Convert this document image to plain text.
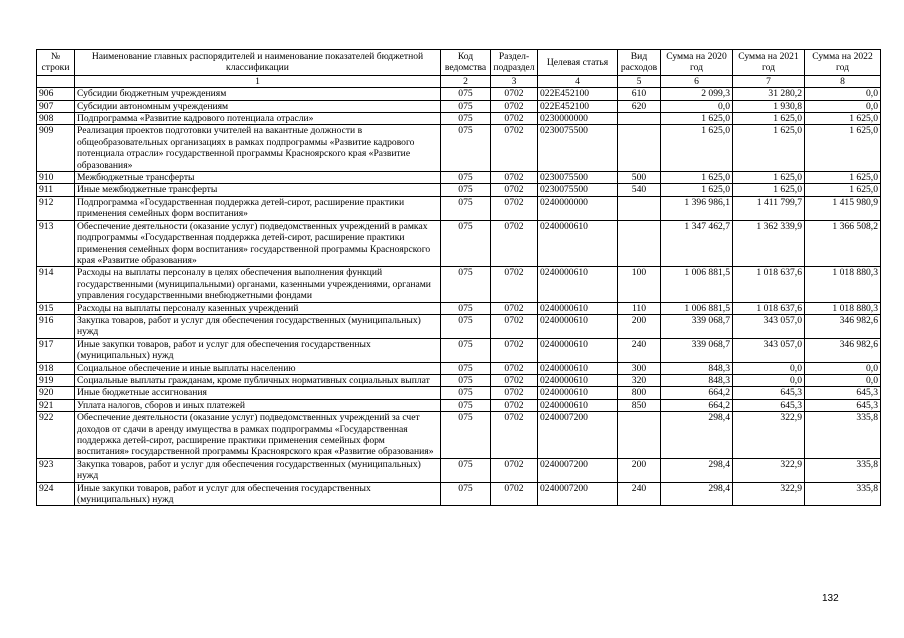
№ строки	Наименование главных распорядителей и наименование показателей бюджетной классификации	Код ведомства	Раздел-подраздел	Целевая статья	Вид расходов	Сумма на 2020 год	Сумма на 2021 год	Сумма на 2022 год
	1	2	3	4	5	6	7	8
906	Субсидии бюджетным учреждениям	075	0702	022E452100	610	2 099,3	31 280,2	0,0
907	Субсидии автономным учреждениям	075	0702	022E452100	620	0,0	1 930,8	0,0
908	Подпрограмма «Развитие кадрового потенциала отрасли»	075	0702	0230000000		1 625,0	1 625,0	1 625,0
909	Реализация проектов подготовки учителей на вакантные должности в общеобразовательных организациях в рамках подпрограммы «Развитие кадрового потенциала отрасли» государственной программы Красноярского края «Развитие образования»	075	0702	0230075500		1 625,0	1 625,0	1 625,0
910	Межбюджетные трансферты	075	0702	0230075500	500	1 625,0	1 625,0	1 625,0
911	Иные межбюджетные трансферты	075	0702	0230075500	540	1 625,0	1 625,0	1 625,0
912	Подпрограмма «Государственная поддержка детей-сирот, расширение практики применения семейных форм воспитания»	075	0702	0240000000		1 396 986,1	1 411 799,7	1 415 980,9
913	Обеспечение деятельности (оказание услуг) подведомственных учреждений в рамках подпрограммы «Государственная поддержка детей-сирот, расширение практики применения семейных форм воспитания» государственной программы Красноярского края «Развитие образования»	075	0702	0240000610		1 347 462,7	1 362 339,9	1 366 508,2
914	Расходы на выплаты персоналу в целях обеспечения выполнения функций государственными (муниципальными) органами, казенными учреждениями, органами управления государственными внебюджетными фондами	075	0702	0240000610	100	1 006 881,5	1 018 637,6	1 018 880,3
915	Расходы на выплаты персоналу казенных учреждений	075	0702	0240000610	110	1 006 881,5	1 018 637,6	1 018 880,3
916	Закупка товаров, работ и услуг для обеспечения государственных (муниципальных) нужд	075	0702	0240000610	200	339 068,7	343 057,0	346 982,6
917	Иные закупки товаров, работ и услуг для обеспечения государственных (муниципальных) нужд	075	0702	0240000610	240	339 068,7	343 057,0	346 982,6
918	Социальное обеспечение и иные выплаты населению	075	0702	0240000610	300	848,3	0,0	0,0
919	Социальные выплаты гражданам, кроме публичных нормативных социальных выплат	075	0702	0240000610	320	848,3	0,0	0,0
920	Иные бюджетные ассигнования	075	0702	0240000610	800	664,2	645,3	645,3
921	Уплата налогов, сборов и иных платежей	075	0702	0240000610	850	664,2	645,3	645,3
922	Обеспечение деятельности (оказание услуг) подведомственных учреждений за счет доходов от сдачи в аренду имущества в рамках подпрограммы «Государственная поддержка детей-сирот, расширение практики применения семейных форм воспитания» государственной программы Красноярского края «Развитие образования»	075	0702	0240007200		298,4	322,9	335,8
923	Закупка товаров, работ и услуг для обеспечения государственных (муниципальных) нужд	075	0702	0240007200	200	298,4	322,9	335,8
924	Иные закупки товаров, работ и услуг для обеспечения государственных (муниципальных) нужд	075	0702	0240007200	240	298,4	322,9	335,8
132
